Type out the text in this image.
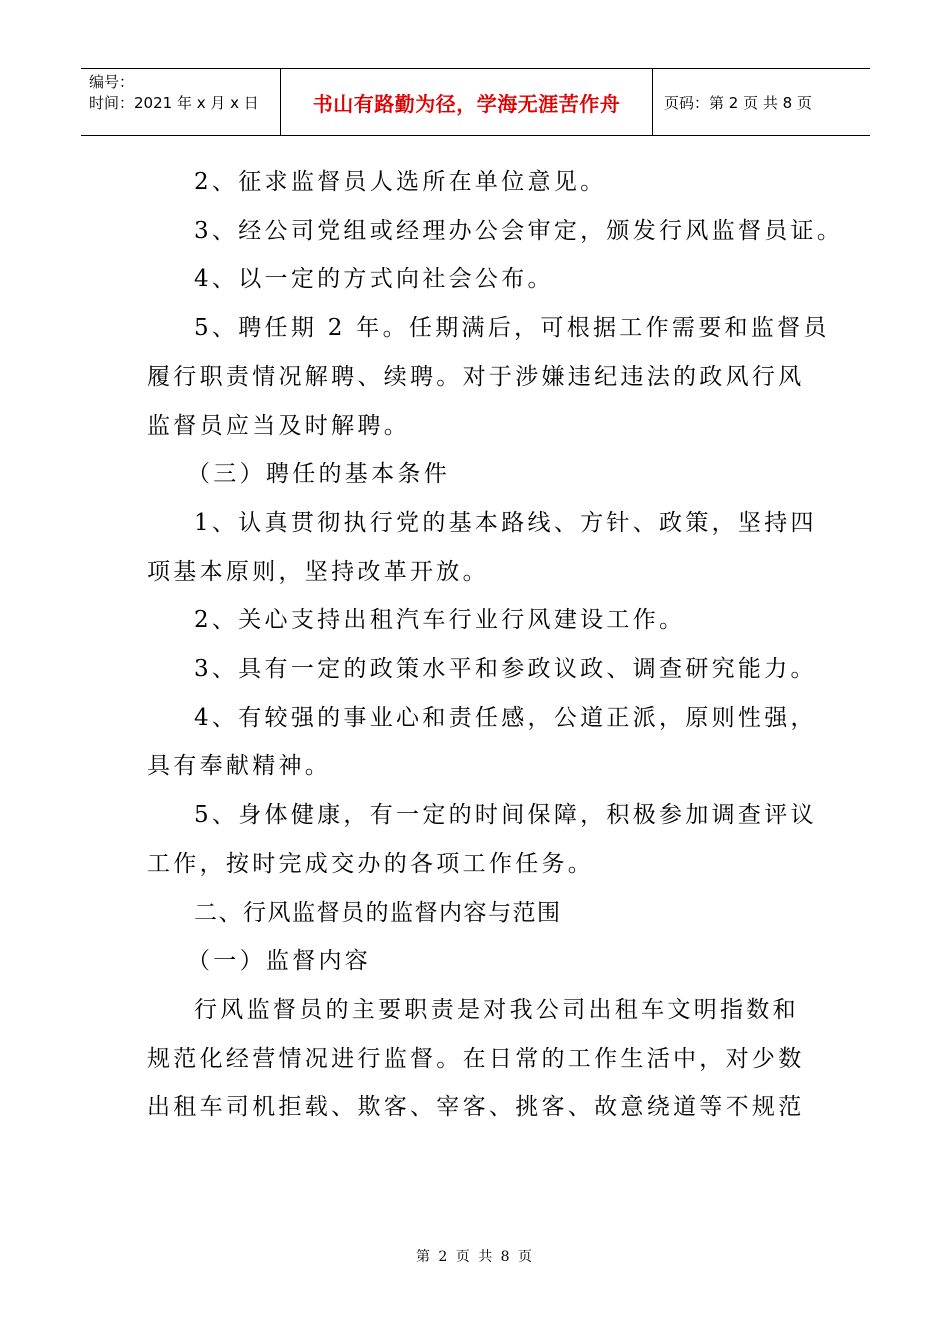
编号：
时间：2021 年 x 月 x 日	书山有路勤为径，学海无涯苦作舟	页码：第 2 页 共 8 页

2、征求监督员人选所在单位意见。

3、经公司党组或经理办公会审定，颁发行风监督员证。

4、以一定的方式向社会公布。

5、聘任期 2 年。任期满后，可根据工作需要和监督员

履行职责情况解聘、续聘。对于涉嫌违纪违法的政风行风

监督员应当及时解聘。

（三）聘任的基本条件

1、认真贯彻执行党的基本路线、方针、政策，坚持四

项基本原则，坚持改革开放。

2、关心支持出租汽车行业行风建设工作。

3、具有一定的政策水平和参政议政、调查研究能力。

4、有较强的事业心和责任感，公道正派，原则性强，

具有奉献精神。

5、身体健康，有一定的时间保障，积极参加调查评议

工作，按时完成交办的各项工作任务。

二、行风监督员的监督内容与范围

（一）监督内容

行风监督员的主要职责是对我公司出租车文明指数和

规范化经营情况进行监督。在日常的工作生活中，对少数

出租车司机拒载、欺客、宰客、挑客、故意绕道等不规范

第 2 页 共 8 页
